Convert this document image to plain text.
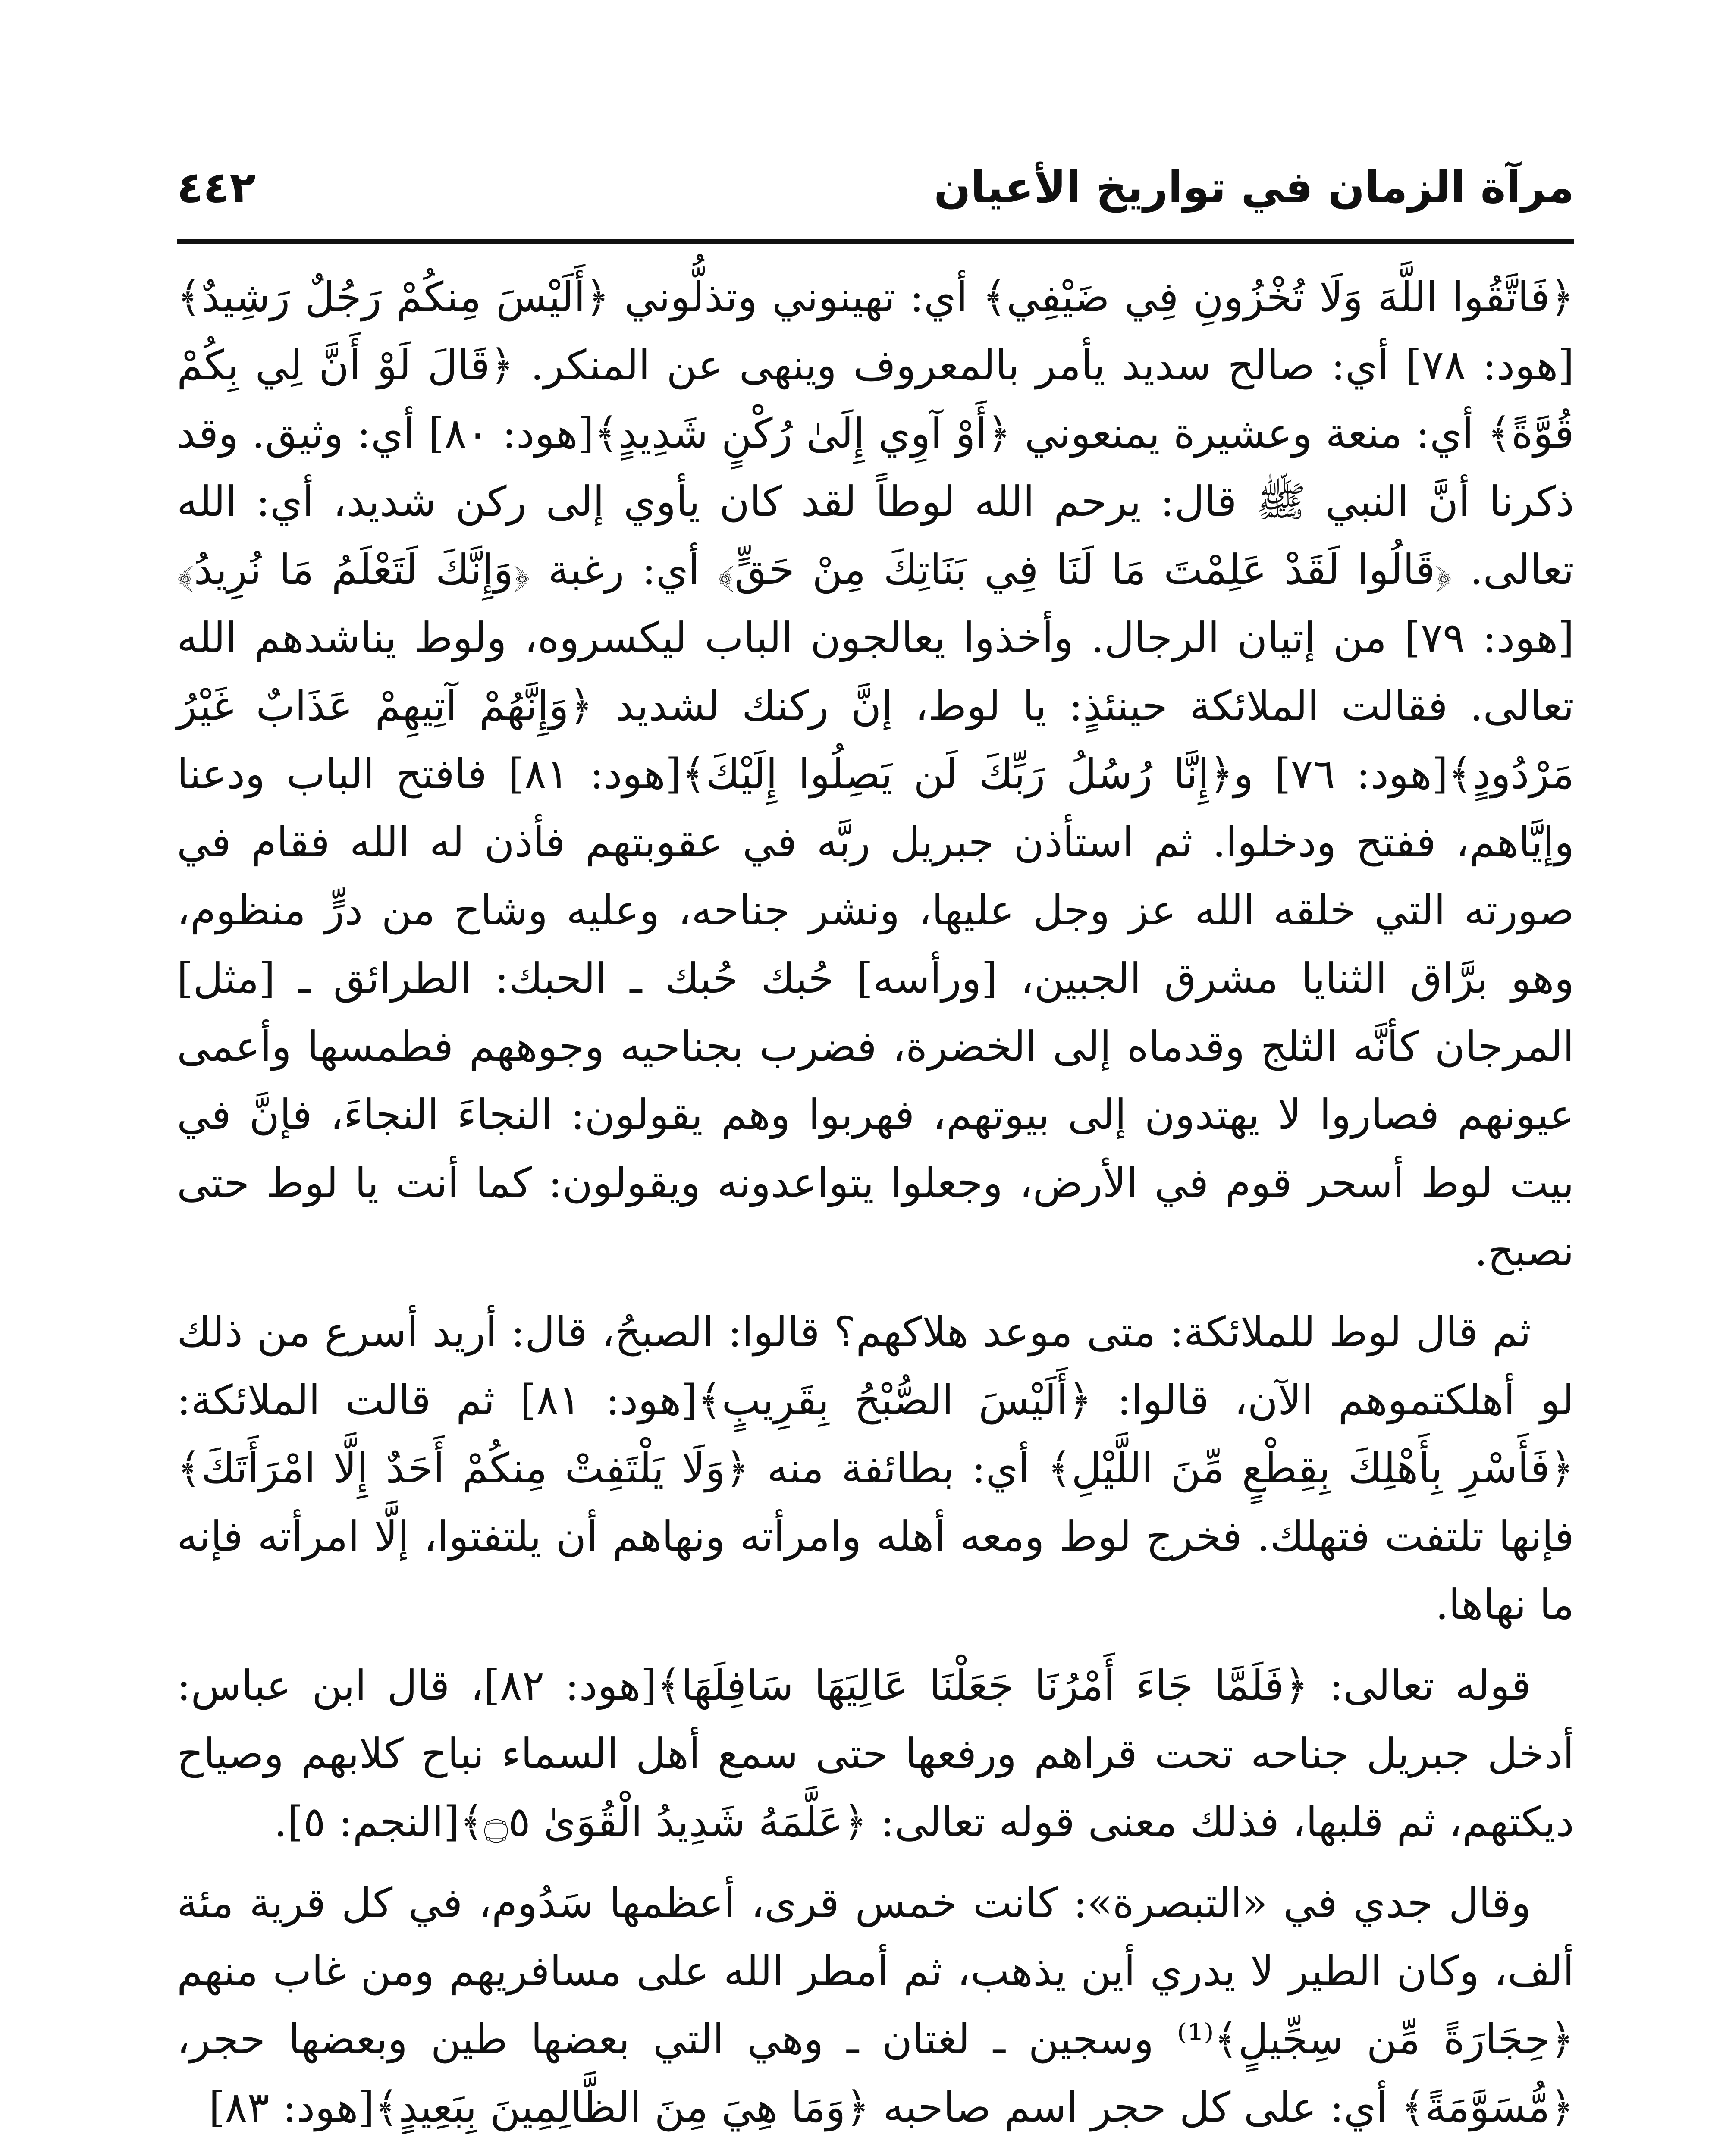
مرآة الزمان في تواريخ الأعيان
٤٤٢

﴿فَاتَّقُوا اللَّهَ وَلَا تُخْزُونِ فِي ضَيْفِي﴾ أي: تهينوني وتذلُّوني ﴿أَلَيْسَ مِنكُمْ رَجُلٌ رَشِيدٌ﴾[هود: ٧٨] أي: صالح سديد يأمر بالمعروف وينهى عن المنكر. ﴿قَالَ لَوْ أَنَّ لِي بِكُمْ قُوَّةً﴾ أي: منعة وعشيرة يمنعوني ﴿أَوْ آوِي إِلَىٰ رُكْنٍ شَدِيدٍ﴾[هود: ٨٠] أي: وثيق. وقد ذكرنا أنَّ النبي ﷺ قال: يرحم الله لوطاً لقد كان يأوي إلى ركن شديد، أي: الله تعالى. ﴿قَالُوا لَقَدْ عَلِمْتَ مَا لَنَا فِي بَنَاتِكَ مِنْ حَقٍّ﴾ أي: رغبة ﴿وَإِنَّكَ لَتَعْلَمُ مَا نُرِيدُ﴾[هود: ٧٩] من إتيان الرجال. وأخذوا يعالجون الباب ليكسروه، ولوط يناشدهم الله تعالى. فقالت الملائكة حينئذٍ: يا لوط، إنَّ ركنك لشديد ﴿وَإِنَّهُمْ آتِيهِمْ عَذَابٌ غَيْرُ مَرْدُودٍ﴾[هود: ٧٦] و﴿إِنَّا رُسُلُ رَبِّكَ لَن يَصِلُوا إِلَيْكَ﴾[هود: ٨١] فافتح الباب ودعنا وإيَّاهم، ففتح ودخلوا. ثم استأذن جبريل ربَّه في عقوبتهم فأذن له الله فقام في صورته التي خلقه الله عز وجل عليها، ونشر جناحه، وعليه وشاح من درٍّ منظوم، وهو برَّاق الثنايا مشرق الجبين، [ورأسه] حُبك حُبك ـ الحبك: الطرائق ـ [مثل] المرجان كأنَّه الثلج وقدماه إلى الخضرة، فضرب بجناحيه وجوههم فطمسها وأعمى عيونهم فصاروا لا يهتدون إلى بيوتهم، فهربوا وهم يقولون: النجاءَ النجاءَ، فإنَّ في بيت لوط أسحر قوم في الأرض، وجعلوا يتواعدونه ويقولون: كما أنت يا لوط حتى نصبح.

ثم قال لوط للملائكة: متى موعد هلاكهم؟ قالوا: الصبحُ، قال: أريد أسرع من ذلك لو أهلكتموهم الآن، قالوا: ﴿أَلَيْسَ الصُّبْحُ بِقَرِيبٍ﴾[هود: ٨١] ثم قالت الملائكة: ﴿فَأَسْرِ بِأَهْلِكَ بِقِطْعٍ مِّنَ اللَّيْلِ﴾ أي: بطائفة منه ﴿وَلَا يَلْتَفِتْ مِنكُمْ أَحَدٌ إِلَّا امْرَأَتَكَ﴾ فإنها تلتفت فتهلك. فخرج لوط ومعه أهله وامرأته ونهاهم أن يلتفتوا، إلَّا امرأته فإنه ما نهاها.

قوله تعالى: ﴿فَلَمَّا جَاءَ أَمْرُنَا جَعَلْنَا عَالِيَهَا سَافِلَهَا﴾[هود: ٨٢]، قال ابن عباس: أدخل جبريل جناحه تحت قراهم ورفعها حتى سمع أهل السماء نباح كلابهم وصياح ديكتهم، ثم قلبها، فذلك معنى قوله تعالى: ﴿عَلَّمَهُ شَدِيدُ الْقُوَىٰ ۝٥﴾[النجم: ٥].

وقال جدي في «التبصرة»: كانت خمس قرى، أعظمها سَدُوم، في كل قرية مئة ألف، وكان الطير لا يدري أين يذهب، ثم أمطر الله على مسافريهم ومن غاب منهم ﴿حِجَارَةً مِّن سِجِّيلٍ﴾⁽¹⁾ وسجين ـ لغتان ـ وهي التي بعضها طين وبعضها حجر، ﴿مُّسَوَّمَةً﴾ أي: على كل حجر اسم صاحبه ﴿وَمَا هِيَ مِنَ الظَّالِمِينَ بِبَعِيدٍ﴾[هود: ٨٣]
